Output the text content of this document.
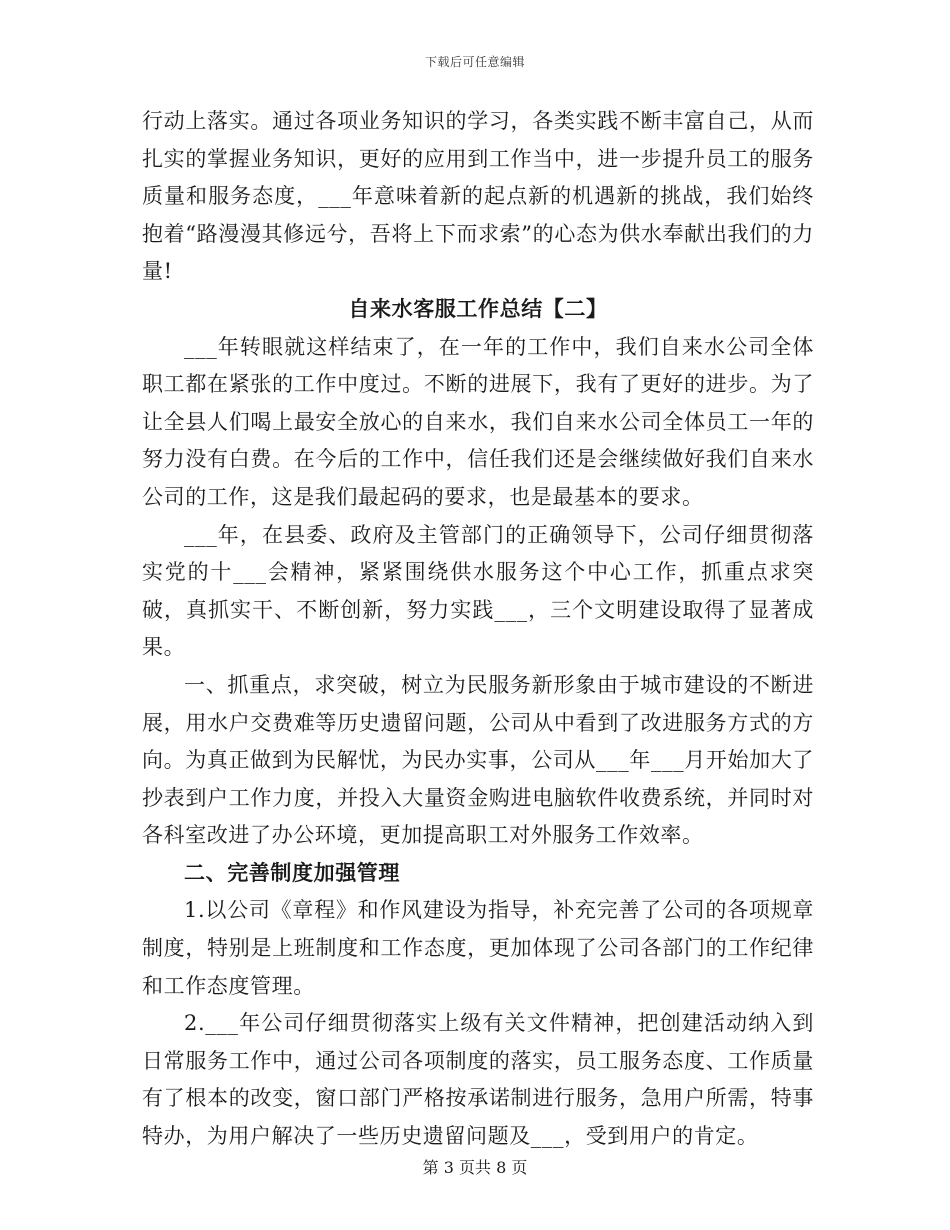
下载后可任意编辑

行动上落实。通过各项业务知识的学习，各类实践不断丰富自己，从而扎实的掌握业务知识，更好的应用到工作当中，进一步提升员工的服务质量和服务态度，___年意味着新的起点新的机遇新的挑战，我们始终抱着“路漫漫其修远兮，吾将上下而求索”的心态为供水奉献出我们的力量!

自来水客服工作总结【二】

___年转眼就这样结束了，在一年的工作中，我们自来水公司全体职工都在紧张的工作中度过。不断的进展下，我有了更好的进步。为了让全县人们喝上最安全放心的自来水，我们自来水公司全体员工一年的努力没有白费。在今后的工作中，信任我们还是会继续做好我们自来水公司的工作，这是我们最起码的要求，也是最基本的要求。

___年，在县委、政府及主管部门的正确领导下，公司仔细贯彻落实党的十___会精神，紧紧围绕供水服务这个中心工作，抓重点求突破，真抓实干、不断创新，努力实践___，三个文明建设取得了显著成果。

一、抓重点，求突破，树立为民服务新形象由于城市建设的不断进展，用水户交费难等历史遗留问题，公司从中看到了改进服务方式的方向。为真正做到为民解忧，为民办实事，公司从___年___月开始加大了抄表到户工作力度，并投入大量资金购进电脑软件收费系统，并同时对各科室改进了办公环境，更加提高职工对外服务工作效率。

二、完善制度加强管理

1.以公司《章程》和作风建设为指导，补充完善了公司的各项规章制度，特别是上班制度和工作态度，更加体现了公司各部门的工作纪律和工作态度管理。

2.___年公司仔细贯彻落实上级有关文件精神，把创建活动纳入到日常服务工作中，通过公司各项制度的落实，员工服务态度、工作质量有了根本的改变，窗口部门严格按承诺制进行服务，急用户所需，特事特办，为用户解决了一些历史遗留问题及___，受到用户的肯定。

第 3 页共 8 页
